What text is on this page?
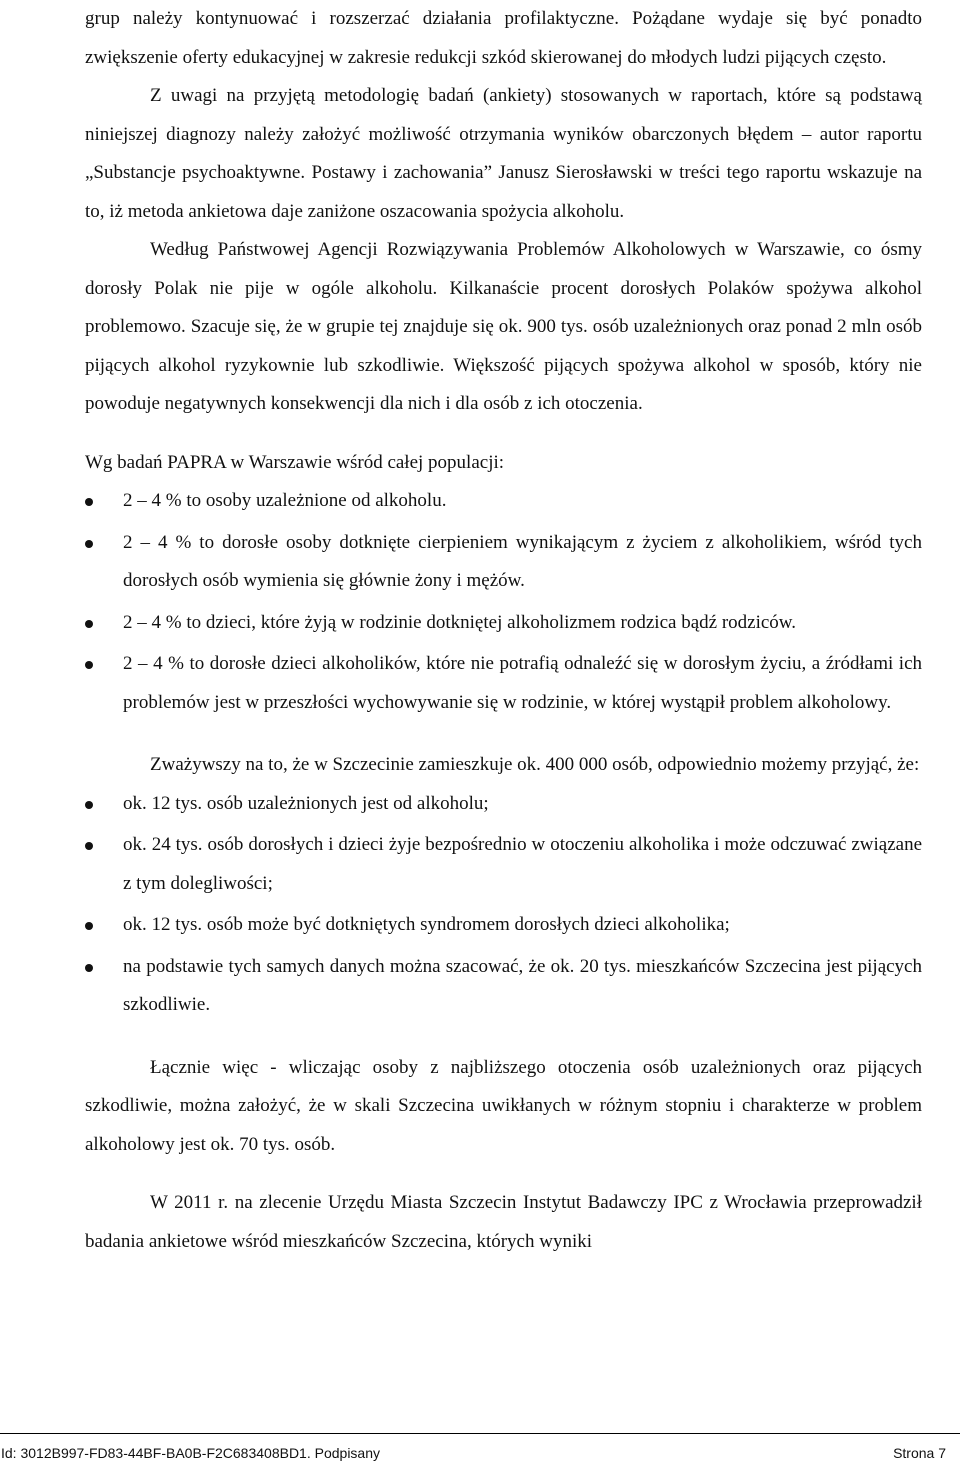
grup należy kontynuować i rozszerzać działania profilaktyczne. Pożądane wydaje się być ponadto zwiększenie oferty edukacyjnej w zakresie redukcji szkód skierowanej do młodych ludzi pijących często.

Z uwagi na przyjętą metodologię badań (ankiety) stosowanych w raportach, które są podstawą niniejszej diagnozy należy założyć możliwość otrzymania wyników obarczonych błędem – autor raportu „Substancje psychoaktywne. Postawy i zachowania” Janusz Sierosławski w treści tego raportu wskazuje na to, iż metoda ankietowa daje zaniżone oszacowania spożycia alkoholu.

Według Państwowej Agencji Rozwiązywania Problemów Alkoholowych w Warszawie, co ósmy dorosły Polak nie pije w ogóle alkoholu. Kilkanaście procent dorosłych Polaków spożywa alkohol problemowo. Szacuje się, że w grupie tej znajduje się ok. 900 tys. osób uzależnionych oraz ponad 2 mln osób pijących alkohol ryzykownie lub szkodliwie. Większość pijących spożywa alkohol w sposób, który nie powoduje negatywnych konsekwencji dla nich i dla osób z ich otoczenia.

Wg badań PAPRA w Warszawie wśród całej populacji:

2 – 4 % to osoby uzależnione od alkoholu.
2 – 4 % to dorosłe osoby dotknięte cierpieniem wynikającym z życiem z alkoholikiem, wśród tych dorosłych osób wymienia się głównie żony i mężów.
2 – 4 % to dzieci, które żyją w rodzinie dotkniętej alkoholizmem rodzica bądź rodziców.
2 – 4 % to dorosłe dzieci alkoholików, które nie potrafią odnaleźć się w dorosłym życiu, a źródłami ich problemów jest w przeszłości wychowywanie się w rodzinie, w której wystąpił problem alkoholowy.

Zważywszy na to, że w Szczecinie zamieszkuje ok. 400 000 osób, odpowiednio możemy przyjąć, że:

ok. 12 tys. osób uzależnionych jest od alkoholu;
ok. 24 tys. osób dorosłych i dzieci żyje bezpośrednio w otoczeniu alkoholika i może odczuwać związane z tym dolegliwości;
ok. 12 tys. osób może być dotkniętych syndromem dorosłych dzieci alkoholika;
na podstawie tych samych danych można szacować, że ok. 20 tys. mieszkańców Szczecina jest pijących szkodliwie.

Łącznie więc - wliczając osoby z najbliższego otoczenia osób uzależnionych oraz pijących szkodliwie, można założyć, że w skali Szczecina uwikłanych w różnym stopniu i charakterze w problem alkoholowy jest ok. 70 tys. osób.

W 2011 r. na zlecenie Urzędu Miasta Szczecin Instytut Badawczy IPC z Wrocławia przeprowadził badania ankietowe wśród mieszkańców Szczecina, których wyniki

Id: 3012B997-FD83-44BF-BA0B-F2C683408BD1. Podpisany	Strona 7
